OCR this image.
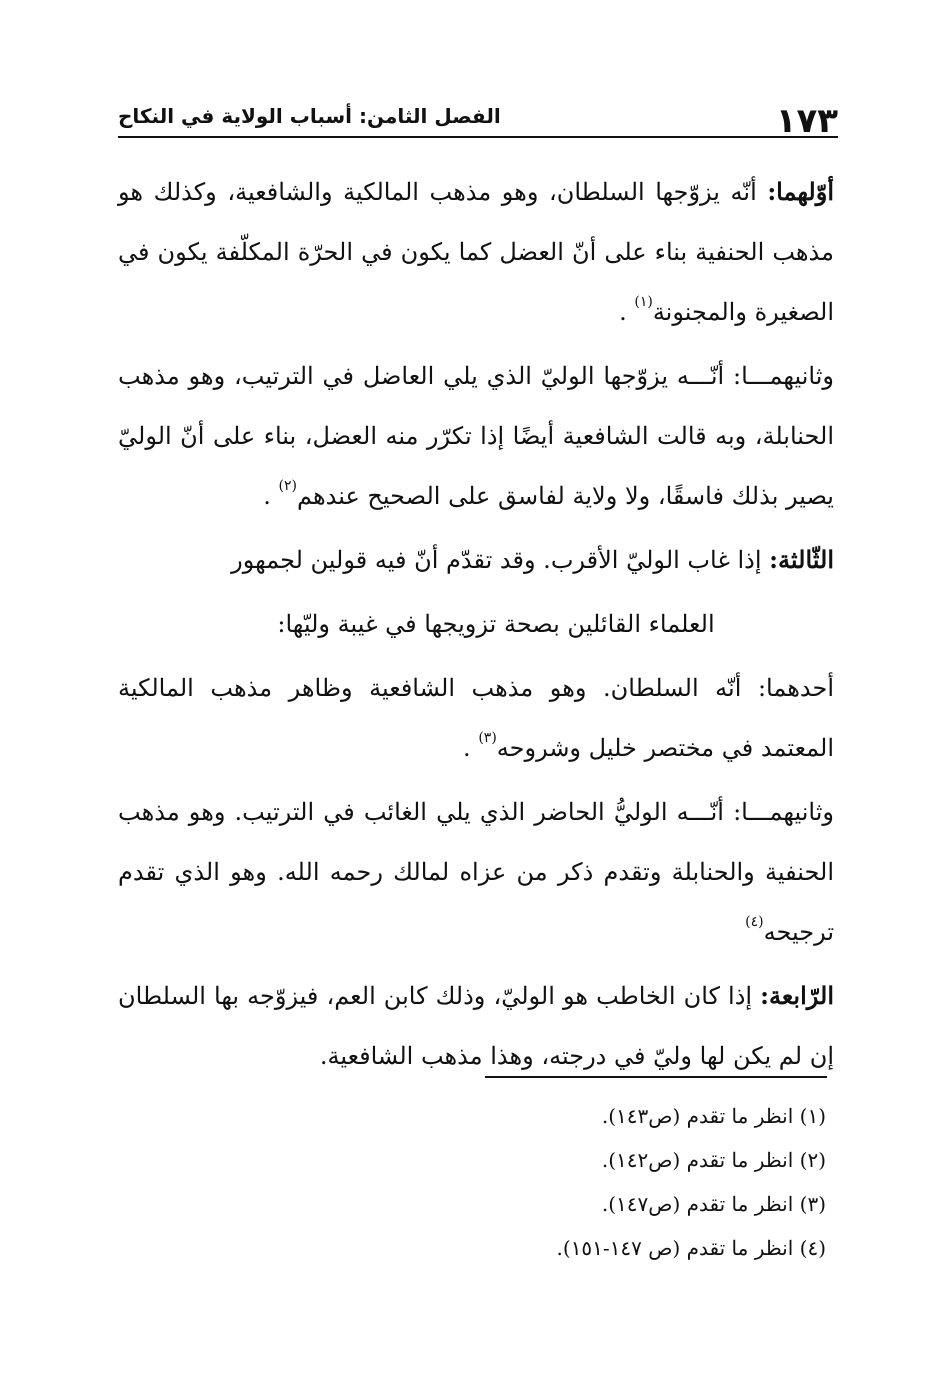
١٧٣
الفصل الثامن: أسباب الولاية في النكاح

أوّلهما: أنّه يزوّجها السلطان، وهو مذهب المالكية والشافعية، وكذلك هو مذهب الحنفية بناء على أنّ العضل كما يكون في الحرّة المكلّفة يكون في الصغيرة والمجنونة$^{(١)}$ .

وثانيهمـــا: أنّـــه يزوّجها الوليّ الذي يلي العاضل في الترتيب، وهو مذهب الحنابلة، وبه قالت الشافعية أيضًا إذا تكرّر منه العضل، بناء على أنّ الوليّ يصير بذلك فاسقًا، ولا ولاية لفاسق على الصحيح عندهم$^{(٢)}$ .

الثّالثة: إذا غاب الوليّ الأقرب. وقد تقدّم أنّ فيه قولين لجمهور

العلماء القائلين بصحة تزويجها في غيبة وليّها:

أحدهما: أنّه السلطان. وهو مذهب الشافعية وظاهر مذهب المالكية المعتمد في مختصر خليل وشروحه$^{(٣)}$ .

وثانيهمـــا: أنّـــه الوليُّ الحاضر الذي يلي الغائب في الترتيب. وهو مذهب الحنفية والحنابلة وتقدم ذكر من عزاه لمالك رحمه الله. وهو الذي تقدم ترجيحه$^{(٤)}$

الرّابعة: إذا كان الخاطب هو الوليّ، وذلك كابن العم، فيزوّجه بها السلطان إن لم يكن لها وليّ في درجته، وهذا مذهب الشافعية.

(١) انظر ما تقدم (ص١٤٣).
(٢) انظر ما تقدم (ص١٤٢).
(٣) انظر ما تقدم (ص١٤٧).
(٤) انظر ما تقدم (ص ١٤٧-١٥١).
